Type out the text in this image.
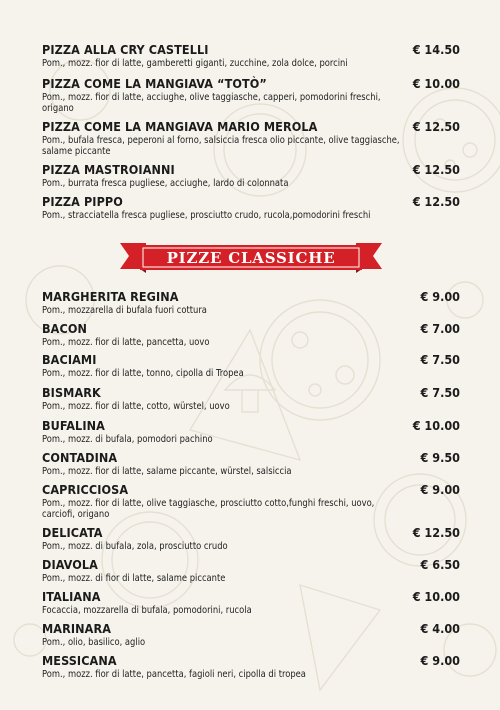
PIZZA ALLA CRY CASTELLI
Pom., mozz. fior di latte, gamberetti giganti, zucchine, zola dolce, porcini
€ 14.50
PIZZA COME LA MANGIAVA “TOTÒ”
Pom., mozz. fior di latte, acciughe, olive taggiasche, capperi, pomodorini freschi, origano
€ 10.00
PIZZA COME LA MANGIAVA MARIO MEROLA
Pom., bufala fresca, peperoni al forno, salsiccia fresca olio piccante, olive taggiasche, salame piccante
€ 12.50
PIZZA MASTROIANNI
Pom., burrata fresca pugliese, acciughe, lardo di colonnata
€ 12.50
PIZZA PIPPO
Pom., stracciatella fresca pugliese, prosciutto crudo, rucola,pomodorini freschi
€ 12.50
MARGHERITA REGINA
Pom., mozzarella di bufala fuori cottura
€ 9.00
BACON
Pom., mozz. fior di latte, pancetta, uovo
€ 7.00
BACIAMI
Pom., mozz. fior di latte, tonno, cipolla di Tropea
€ 7.50
BISMARK
Pom., mozz. fior di latte, cotto, würstel, uovo
€ 7.50
BUFALINA
Pom., mozz. di bufala, pomodori pachino
€ 10.00
CONTADINA
Pom., mozz. fior di latte, salame piccante, würstel, salsiccia
€ 9.50
CAPRICCIOSA
Pom., mozz. fior di latte, olive taggiasche, prosciutto cotto,funghi freschi, uovo, carciofi, origano
€ 9.00
DELICATA
Pom., mozz. di bufala, zola, prosciutto crudo
€ 12.50
DIAVOLA
Pom., mozz. di fior di latte, salame piccante
€ 6.50
ITALIANA
Focaccia, mozzarella di bufala, pomodorini, rucola
€ 10.00
MARINARA
Pom., olio, basilico, aglio
€ 4.00
MESSICANA
Pom., mozz. fior di latte, pancetta, fagioli neri, cipolla di tropea
€ 9.00
PIZZE CLASSICHE
